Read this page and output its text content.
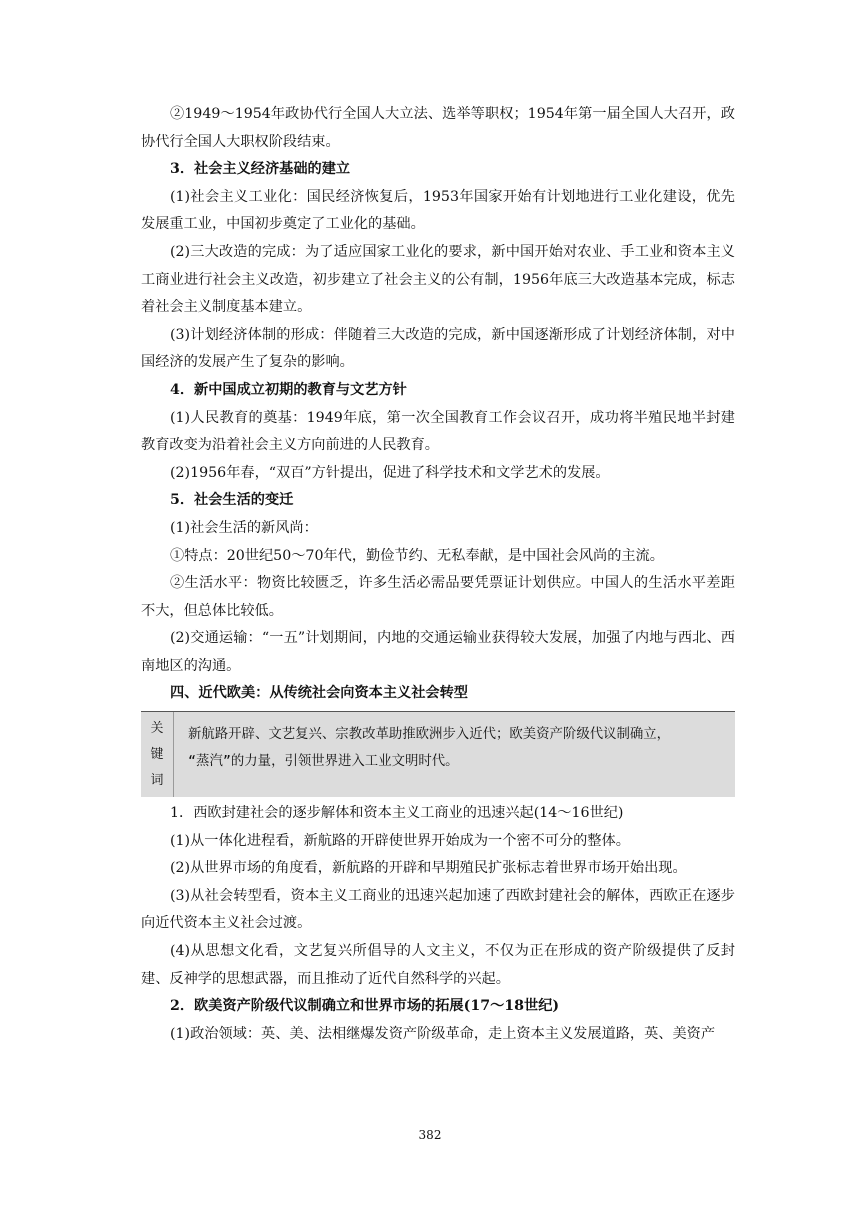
②1949～1954年政协代行全国人大立法、选举等职权；1954年第一届全国人大召开，政协代行全国人大职权阶段结束。

3．社会主义经济基础的建立

(1)社会主义工业化：国民经济恢复后，1953年国家开始有计划地进行工业化建设，优先发展重工业，中国初步奠定了工业化的基础。

(2)三大改造的完成：为了适应国家工业化的要求，新中国开始对农业、手工业和资本主义工商业进行社会主义改造，初步建立了社会主义的公有制，1956年底三大改造基本完成，标志着社会主义制度基本建立。

(3)计划经济体制的形成：伴随着三大改造的完成，新中国逐渐形成了计划经济体制，对中国经济的发展产生了复杂的影响。

4．新中国成立初期的教育与文艺方针

(1)人民教育的奠基：1949年底，第一次全国教育工作会议召开，成功将半殖民地半封建教育改变为沿着社会主义方向前进的人民教育。

(2)1956年春，“双百”方针提出，促进了科学技术和文学艺术的发展。

5．社会生活的变迁

(1)社会生活的新风尚：

①特点：20世纪50～70年代，勤俭节约、无私奉献，是中国社会风尚的主流。

②生活水平：物资比较匮乏，许多生活必需品要凭票证计划供应。中国人的生活水平差距不大，但总体比较低。

(2)交通运输：“一五”计划期间，内地的交通运输业获得较大发展，加强了内地与西北、西南地区的沟通。

四、近代欧美：从传统社会向资本主义社会转型

关
键
词

新航路开辟、文艺复兴、宗教改革助推欧洲步入近代；欧美资产阶级代议制确立，

“蒸汽”的力量，引领世界进入工业文明时代。

1．西欧封建社会的逐步解体和资本主义工商业的迅速兴起(14～16世纪)

(1)从一体化进程看，新航路的开辟使世界开始成为一个密不可分的整体。

(2)从世界市场的角度看，新航路的开辟和早期殖民扩张标志着世界市场开始出现。

(3)从社会转型看，资本主义工商业的迅速兴起加速了西欧封建社会的解体，西欧正在逐步向近代资本主义社会过渡。

(4)从思想文化看，文艺复兴所倡导的人文主义，不仅为正在形成的资产阶级提供了反封建、反神学的思想武器，而且推动了近代自然科学的兴起。

2．欧美资产阶级代议制确立和世界市场的拓展(17～18世纪)

(1)政治领域：英、美、法相继爆发资产阶级革命，走上资本主义发展道路，英、美资产

382
